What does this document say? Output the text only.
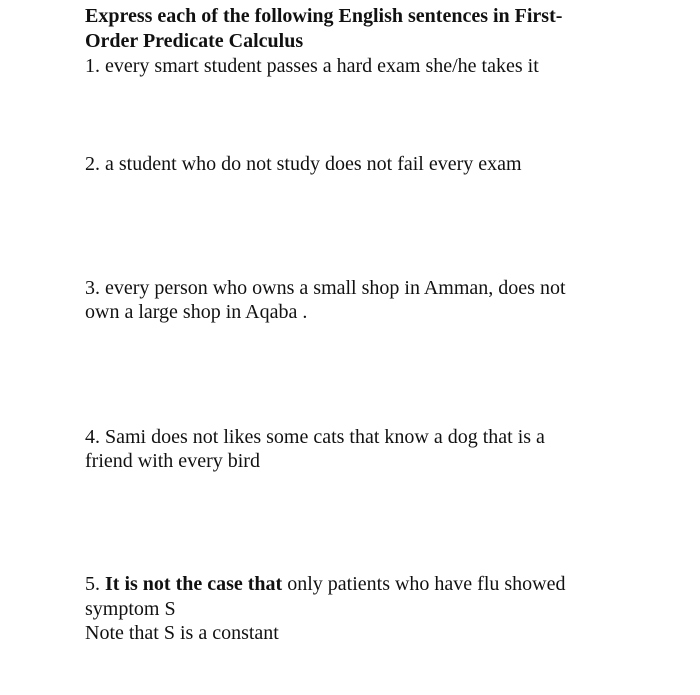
Express each of the following English sentences in First-
Order Predicate Calculus
1. every smart student passes a hard exam she/he takes it
2. a student who do not study does not fail every exam
3. every person who owns a small shop in Amman, does not
own a large shop in Aqaba .
4. Sami does not likes some cats that know a dog that is a
friend with every bird
5. It is not the case that only patients who have flu showed
symptom S
Note that S is a constant
